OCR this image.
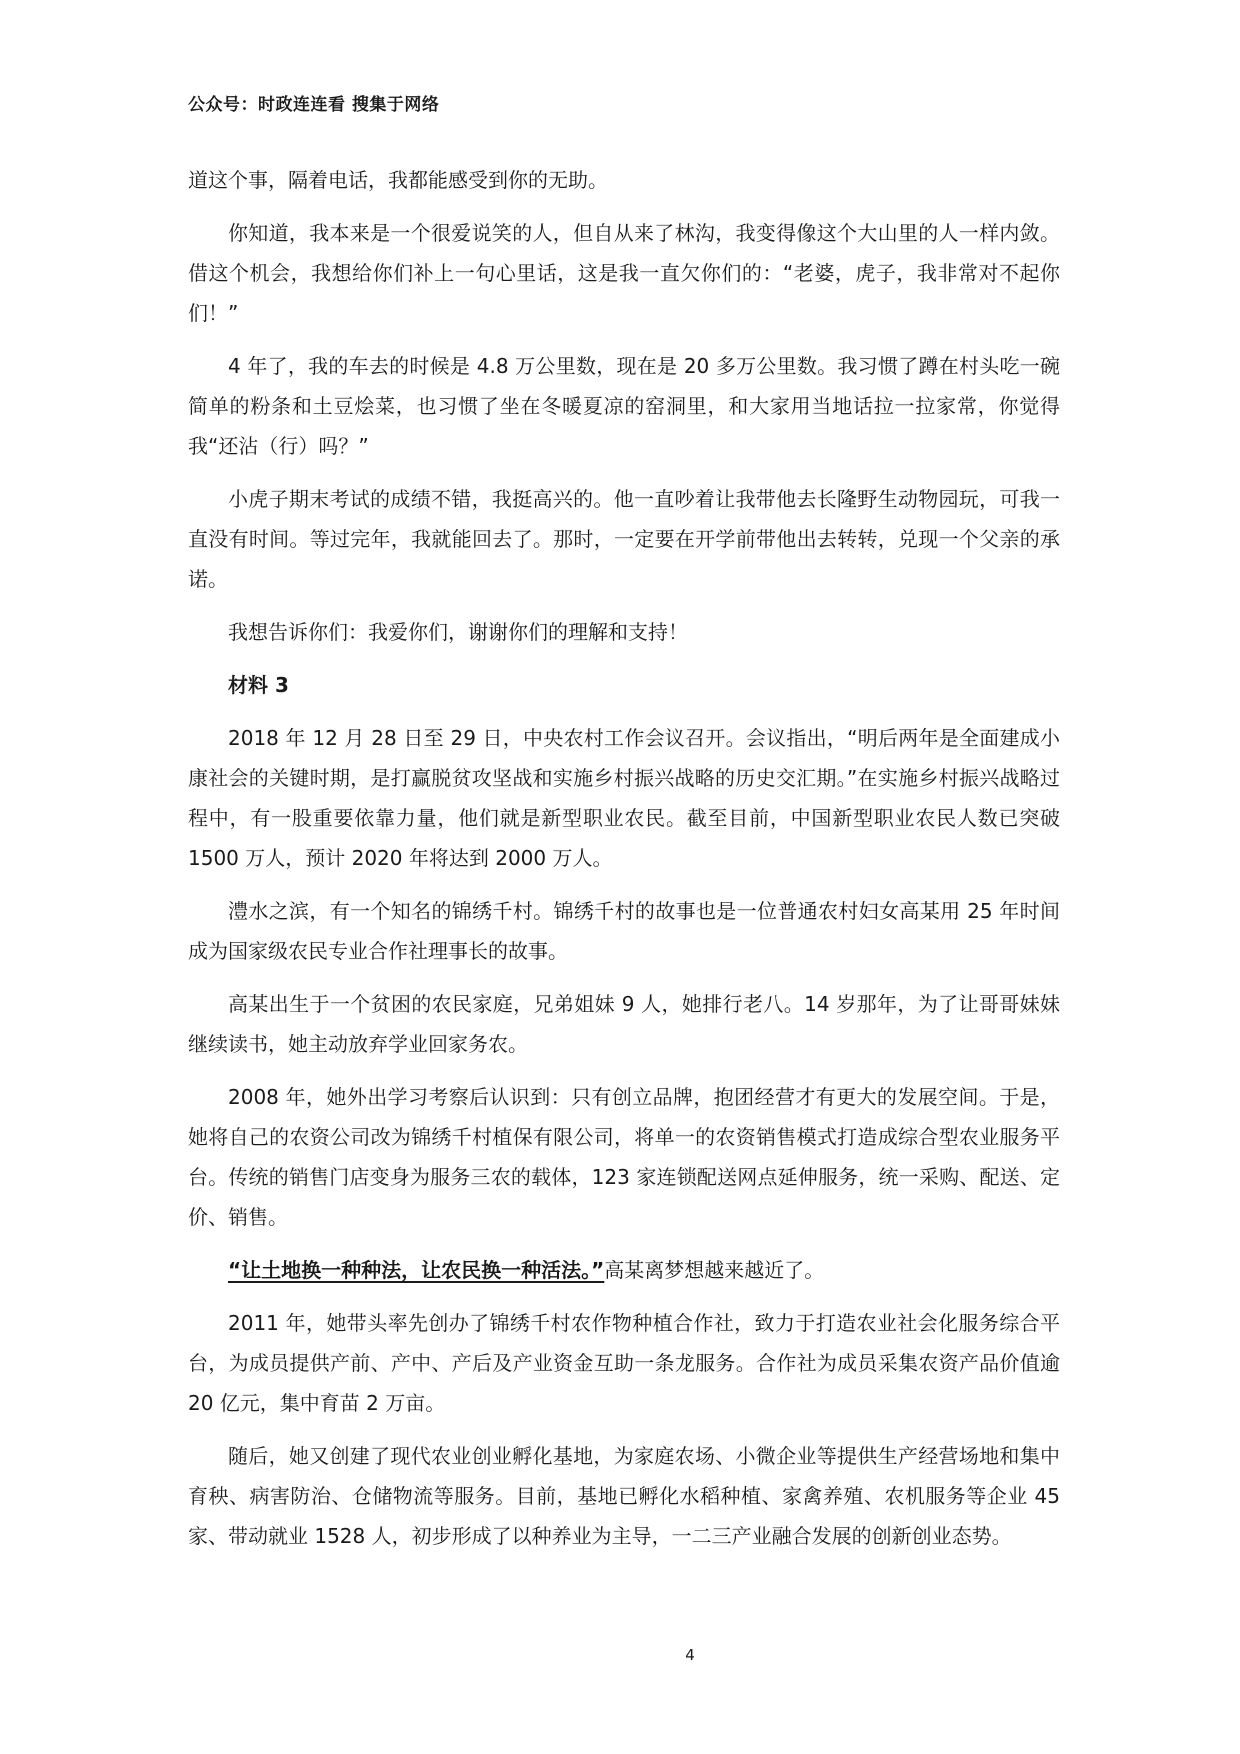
公众号：时政连连看 搜集于网络

道这个事，隔着电话，我都能感受到你的无助。

你知道，我本来是一个很爱说笑的人，但自从来了林沟，我变得像这个大山里的人一样内敛。借这个机会，我想给你们补上一句心里话，这是我一直欠你们的：“老婆，虎子，我非常对不起你们！”

4 年了，我的车去的时候是 4.8 万公里数，现在是 20 多万公里数。我习惯了蹲在村头吃一碗简单的粉条和土豆烩菜，也习惯了坐在冬暖夏凉的窑洞里，和大家用当地话拉一拉家常，你觉得我“还沾（行）吗？”

小虎子期末考试的成绩不错，我挺高兴的。他一直吵着让我带他去长隆野生动物园玩，可我一直没有时间。等过完年，我就能回去了。那时，一定要在开学前带他出去转转，兑现一个父亲的承诺。

我想告诉你们：我爱你们，谢谢你们的理解和支持！

材料 3

2018 年 12 月 28 日至 29 日，中央农村工作会议召开。会议指出，“明后两年是全面建成小康社会的关键时期，是打赢脱贫攻坚战和实施乡村振兴战略的历史交汇期。”在实施乡村振兴战略过程中，有一股重要依靠力量，他们就是新型职业农民。截至目前，中国新型职业农民人数已突破 1500 万人，预计 2020 年将达到 2000 万人。

澧水之滨，有一个知名的锦绣千村。锦绣千村的故事也是一位普通农村妇女高某用 25 年时间成为国家级农民专业合作社理事长的故事。

高某出生于一个贫困的农民家庭，兄弟姐妹 9 人，她排行老八。14 岁那年，为了让哥哥妹妹继续读书，她主动放弃学业回家务农。

2008 年，她外出学习考察后认识到：只有创立品牌，抱团经营才有更大的发展空间。于是，她将自己的农资公司改为锦绣千村植保有限公司，将单一的农资销售模式打造成综合型农业服务平台。传统的销售门店变身为服务三农的载体，123 家连锁配送网点延伸服务，统一采购、配送、定价、销售。

“让土地换一种种法，让农民换一种活法。”高某离梦想越来越近了。

2011 年，她带头率先创办了锦绣千村农作物种植合作社，致力于打造农业社会化服务综合平台，为成员提供产前、产中、产后及产业资金互助一条龙服务。合作社为成员采集农资产品价值逾 20 亿元，集中育苗 2 万亩。

随后，她又创建了现代农业创业孵化基地，为家庭农场、小微企业等提供生产经营场地和集中育秧、病害防治、仓储物流等服务。目前，基地已孵化水稻种植、家禽养殖、农机服务等企业 45 家、带动就业 1528 人，初步形成了以种养业为主导，一二三产业融合发展的创新创业态势。

4
